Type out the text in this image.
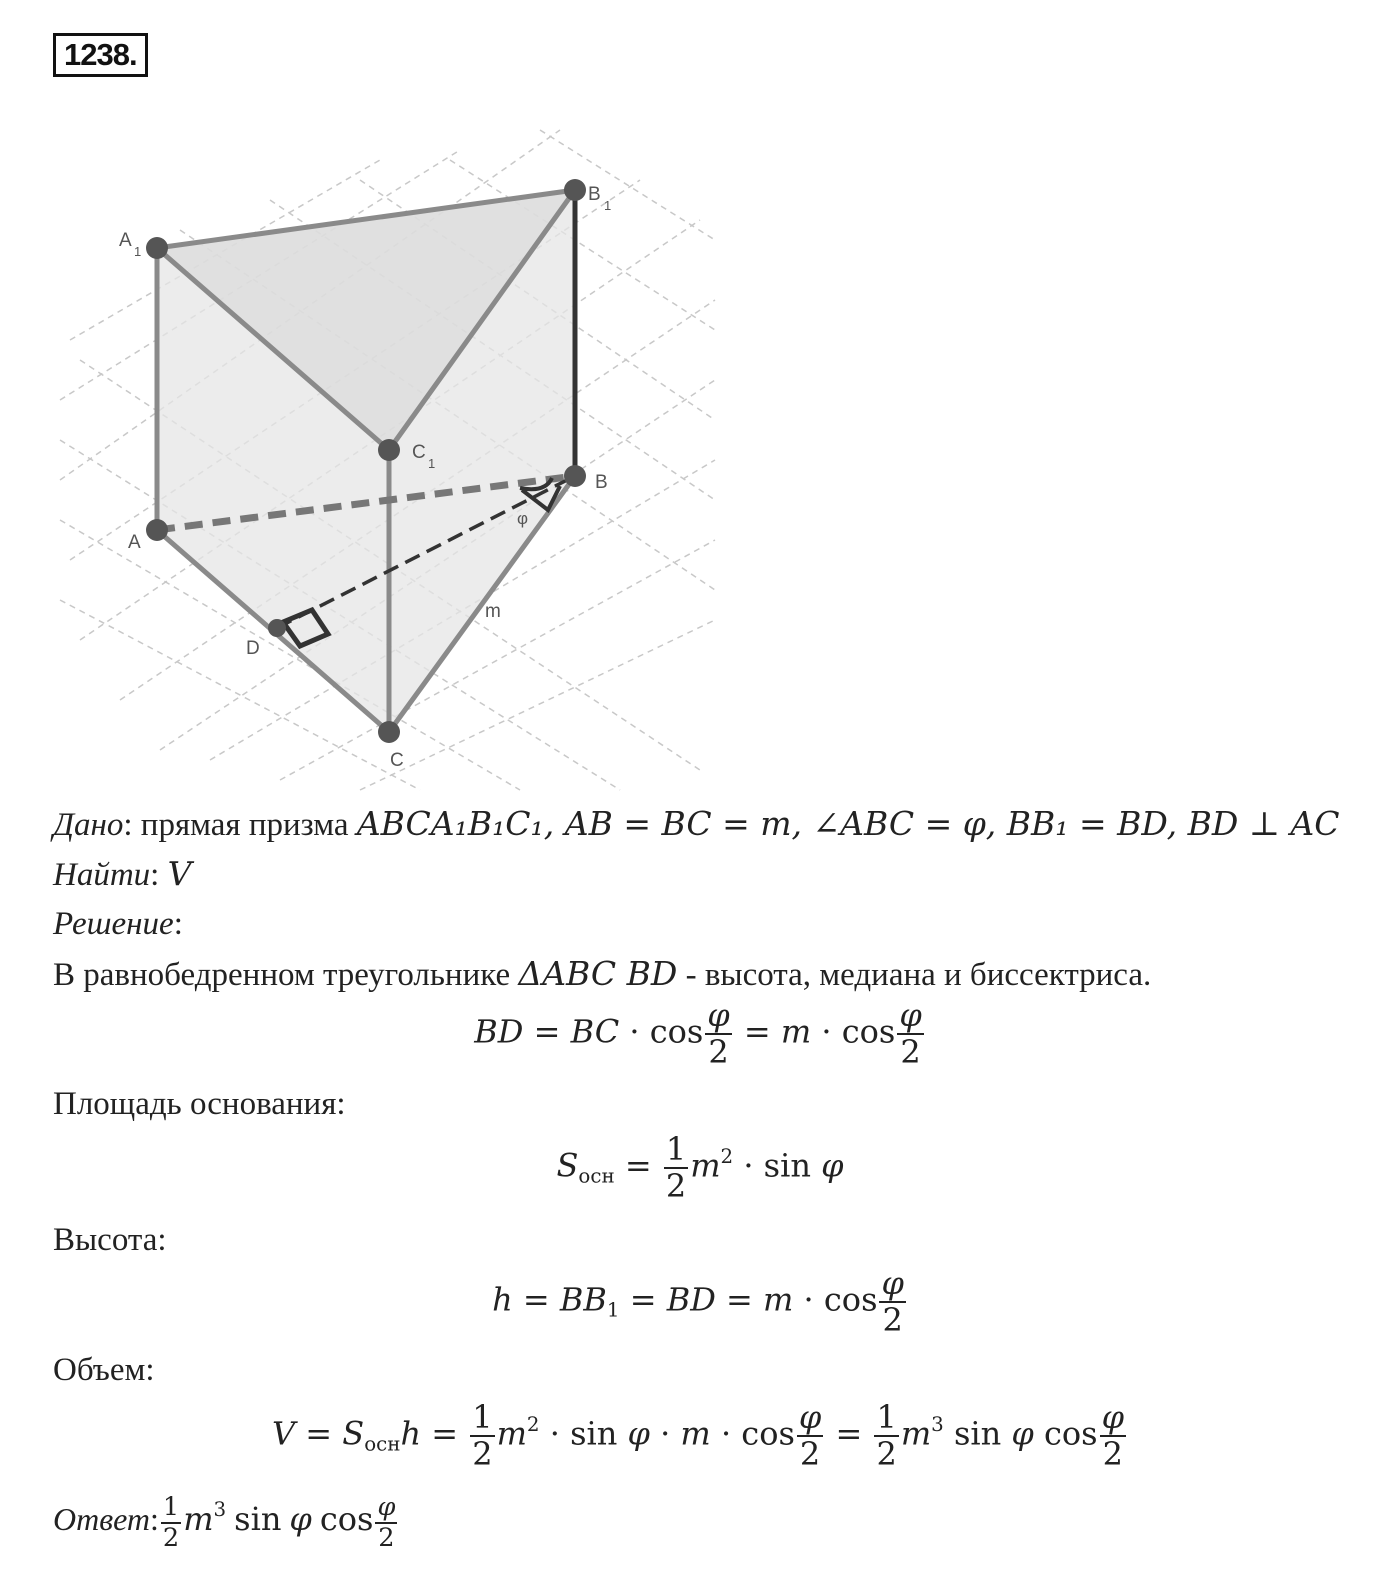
1238.
A
1
B
1
C
1
A
B
C
D
φ
m
Дано: прямая призма ABCA₁B₁C₁, AB = BC = m, ∠ABC = φ, BB₁ = BD, BD ⊥ AC
Найти: V
Решение:
В равнобедренном треугольнике ΔABC BD - высота, медиана и биссектриса.
BD = BC · $\cos \frac{\varphi}{2} = m \cdot \cos \frac{\varphi}{2}$
Площадь основания:
$S_{осн} = \frac{1}{2} m^2 \cdot \sin \varphi$
Высота:
$h = BB_1$ = BD = $m \cdot \cos \frac{\varphi}{2}$
Объем:
$V = S_{осн}h = \frac{1}{2} m^2 \cdot \sin \varphi \cdot m \cdot \cos \frac{\varphi}{2} = \frac{1}{2} m^3$ sin φ $\cos \frac{\varphi}{2}$
Ответ: $\frac{1}{2} m^3$ sin φ $\cos \frac{\varphi}{2}$
